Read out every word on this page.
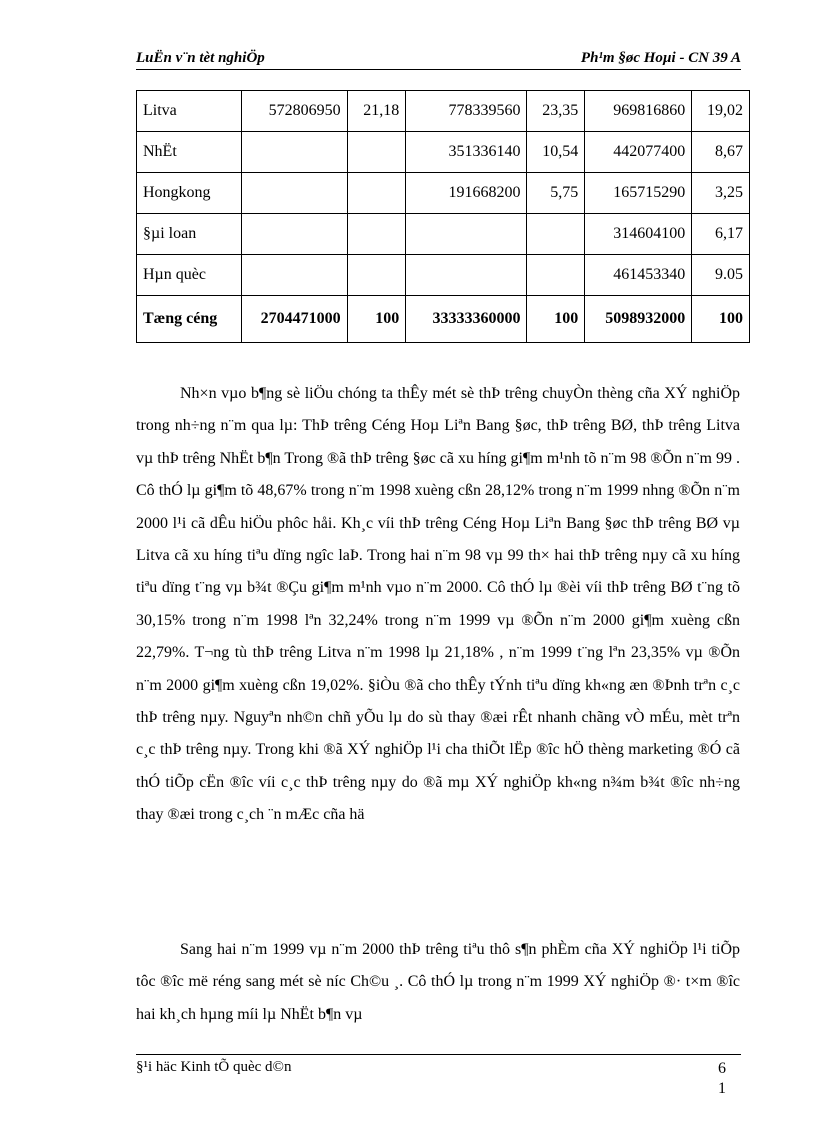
LuËn v¨n tèt nghiÖp	Ph¹m §øc Hoµi - CN 39 A
Litva	572806950	21,18	778339560	23,35	969816860	19,02
NhËt			351336140	10,54	442077400	8,67
Hongkong			191668200	5,75	165715290	3,25
§µi loan					314604100	6,17
Hµn quèc					461453340	9.05
Tæng céng	2704471000	100	33333360000	100	5098932000	100

Nh×n vµo b¶ng sè liÖu chóng ta thÊy mét sè thÞ trêng chuyÒn thèng cña XÝ nghiÖp trong nh÷ng n¨m qua lµ: ThÞ trêng Céng Hoµ Liªn Bang §øc, thÞ trêng BØ, thÞ trêng Litva vµ thÞ trêng NhËt b¶n Trong ®ã thÞ trêng §øc cã xu híng gi¶m m¹nh tõ n¨m 98 ®Õn n¨m 99 . Cô thÓ lµ gi¶m tõ 48,67% trong n¨m 1998 xuèng cßn 28,12% trong n¨m 1999 nhng ®Õn n¨m 2000 l¹i cã dÊu hiÖu phôc håi. Kh¸c víi thÞ trêng Céng Hoµ Liªn Bang §øc thÞ trêng BØ vµ Litva cã xu híng tiªu dïng ngîc laÞ. Trong hai n¨m 98 vµ 99 th× hai thÞ trêng nµy cã xu híng tiªu dïng t¨ng vµ b¾t ®Çu gi¶m m¹nh vµo n¨m 2000. Cô thÓ lµ ®èi víi thÞ trêng BØ t¨ng tõ 30,15% trong n¨m 1998 lªn 32,24% trong n¨m 1999 vµ ®Õn n¨m 2000 gi¶m xuèng cßn 22,79%. T¬ng tù thÞ trêng Litva n¨m 1998 lµ 21,18% , n¨m 1999 t¨ng lªn 23,35% vµ ®Õn n¨m 2000 gi¶m xuèng cßn 19,02%. §iÒu ®ã cho thÊy tÝnh tiªu dïng kh«ng æn ®Þnh trªn c¸c thÞ trêng nµy. Nguyªn nh©n chñ yÕu lµ do sù thay ®æi rÊt nhanh chãng vÒ mÉu, mèt trªn c¸c thÞ trêng nµy. Trong khi ®ã XÝ nghiÖp l¹i cha thiÕt lËp ®îc hÖ thèng marketing ®Ó cã thÓ tiÕp cËn ®îc víi c¸c thÞ trêng nµy do ®ã mµ XÝ nghiÖp kh«ng n¾m b¾t ®îc nh÷ng thay ®æi trong c¸ch ¨n mÆc cña hä

Sang hai n¨m 1999 vµ n¨m 2000 thÞ trêng tiªu thô s¶n phÈm cña XÝ nghiÖp l¹i tiÕp tôc ®îc më réng sang mét sè níc Ch©u ¸. Cô thÓ lµ trong n¨m 1999 XÝ nghiÖp ®· t×m ®îc hai kh¸ch hµng míi lµ NhËt b¶n vµ

§¹i häc Kinh tÕ quèc d©n	6
1
